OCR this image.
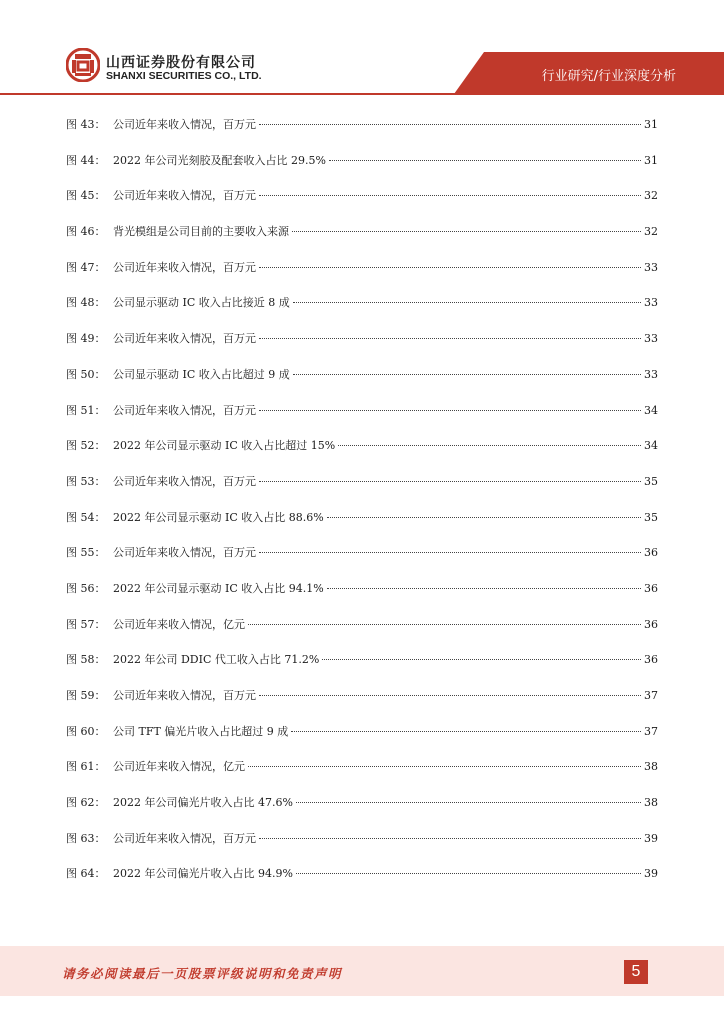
山西证券股份有限公司
SHANXI SECURITIES CO., LTD.	行业研究/行业深度分析
图 43： 公司近年来收入情况，百万元	31
图 44： 2022 年公司光刻胶及配套收入占比 29.5%	31
图 45： 公司近年来收入情况，百万元	32
图 46： 背光模组是公司目前的主要收入来源	32
图 47： 公司近年来收入情况，百万元	33
图 48： 公司显示驱动 IC 收入占比接近 8 成	33
图 49： 公司近年来收入情况，百万元	33
图 50： 公司显示驱动 IC 收入占比超过 9 成	33
图 51： 公司近年来收入情况，百万元	34
图 52： 2022 年公司显示驱动 IC 收入占比超过 15%	34
图 53： 公司近年来收入情况，百万元	35
图 54： 2022 年公司显示驱动 IC 收入占比 88.6%	35
图 55： 公司近年来收入情况，百万元	36
图 56： 2022 年公司显示驱动 IC 收入占比 94.1%	36
图 57： 公司近年来收入情况，亿元	36
图 58： 2022 年公司 DDIC 代工收入占比 71.2%	36
图 59： 公司近年来收入情况，百万元	37
图 60： 公司 TFT 偏光片收入占比超过 9 成	37
图 61： 公司近年来收入情况，亿元	38
图 62： 2022 年公司偏光片收入占比 47.6%	38
图 63： 公司近年来收入情况，百万元	39
图 64： 2022 年公司偏光片收入占比 94.9%	39
请务必阅读最后一页股票评级说明和免责声明	5
